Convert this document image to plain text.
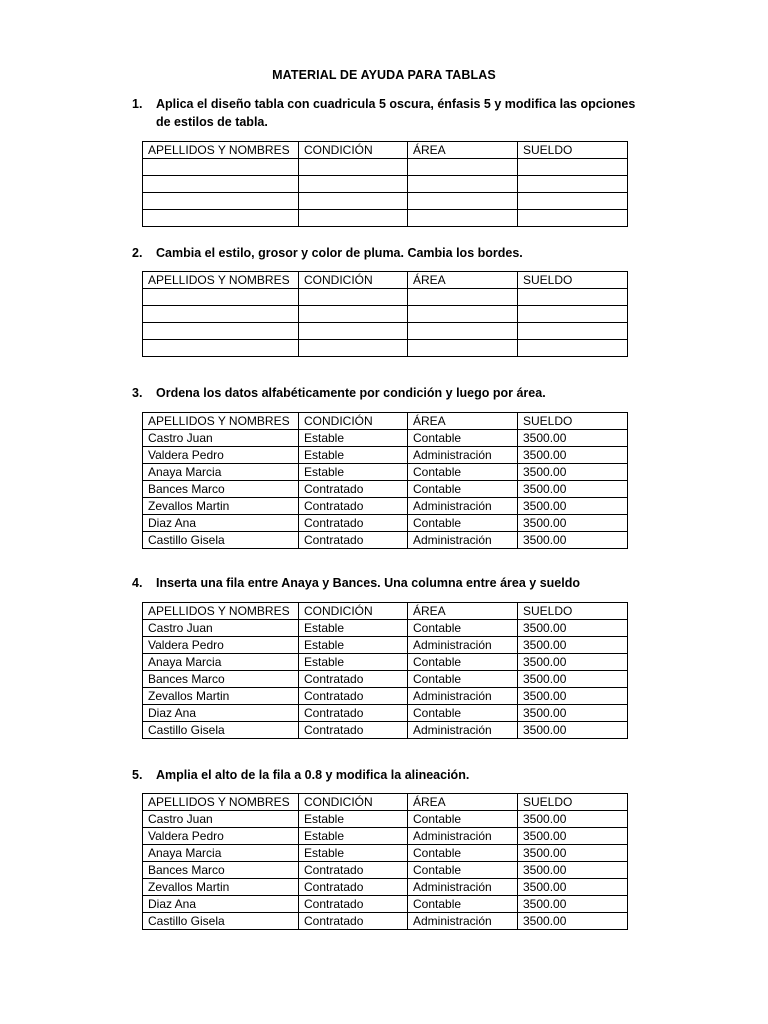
MATERIAL DE AYUDA PARA TABLAS
1.	Aplica el diseño tabla con cuadricula 5 oscura, énfasis 5 y modifica las opciones de estilos de tabla.
APELLIDOS Y NOMBRES	CONDICIÓN	ÁREA	SUELDO

2.	Cambia el estilo, grosor y color de pluma. Cambia los bordes.
APELLIDOS Y NOMBRES	CONDICIÓN	ÁREA	SUELDO

3.	Ordena los datos alfabéticamente por condición y luego por área.
APELLIDOS Y NOMBRES	CONDICIÓN	ÁREA	SUELDO
Castro Juan	Estable	Contable	3500.00
Valdera Pedro	Estable	Administración	3500.00
Anaya Marcia	Estable	Contable	3500.00
Bances Marco	Contratado	Contable	3500.00
Zevallos Martin	Contratado	Administración	3500.00
Diaz Ana	Contratado	Contable	3500.00
Castillo Gisela	Contratado	Administración	3500.00
4.	Inserta una fila entre Anaya y Bances. Una columna entre área y sueldo
APELLIDOS Y NOMBRES	CONDICIÓN	ÁREA	SUELDO
Castro Juan	Estable	Contable	3500.00
Valdera Pedro	Estable	Administración	3500.00
Anaya Marcia	Estable	Contable	3500.00
Bances Marco	Contratado	Contable	3500.00
Zevallos Martin	Contratado	Administración	3500.00
Diaz Ana	Contratado	Contable	3500.00
Castillo Gisela	Contratado	Administración	3500.00
5.	Amplia el alto de la fila a 0.8 y modifica la alineación.
APELLIDOS Y NOMBRES	CONDICIÓN	ÁREA	SUELDO
Castro Juan	Estable	Contable	3500.00
Valdera Pedro	Estable	Administración	3500.00
Anaya Marcia	Estable	Contable	3500.00
Bances Marco	Contratado	Contable	3500.00
Zevallos Martin	Contratado	Administración	3500.00
Diaz Ana	Contratado	Contable	3500.00
Castillo Gisela	Contratado	Administración	3500.00
